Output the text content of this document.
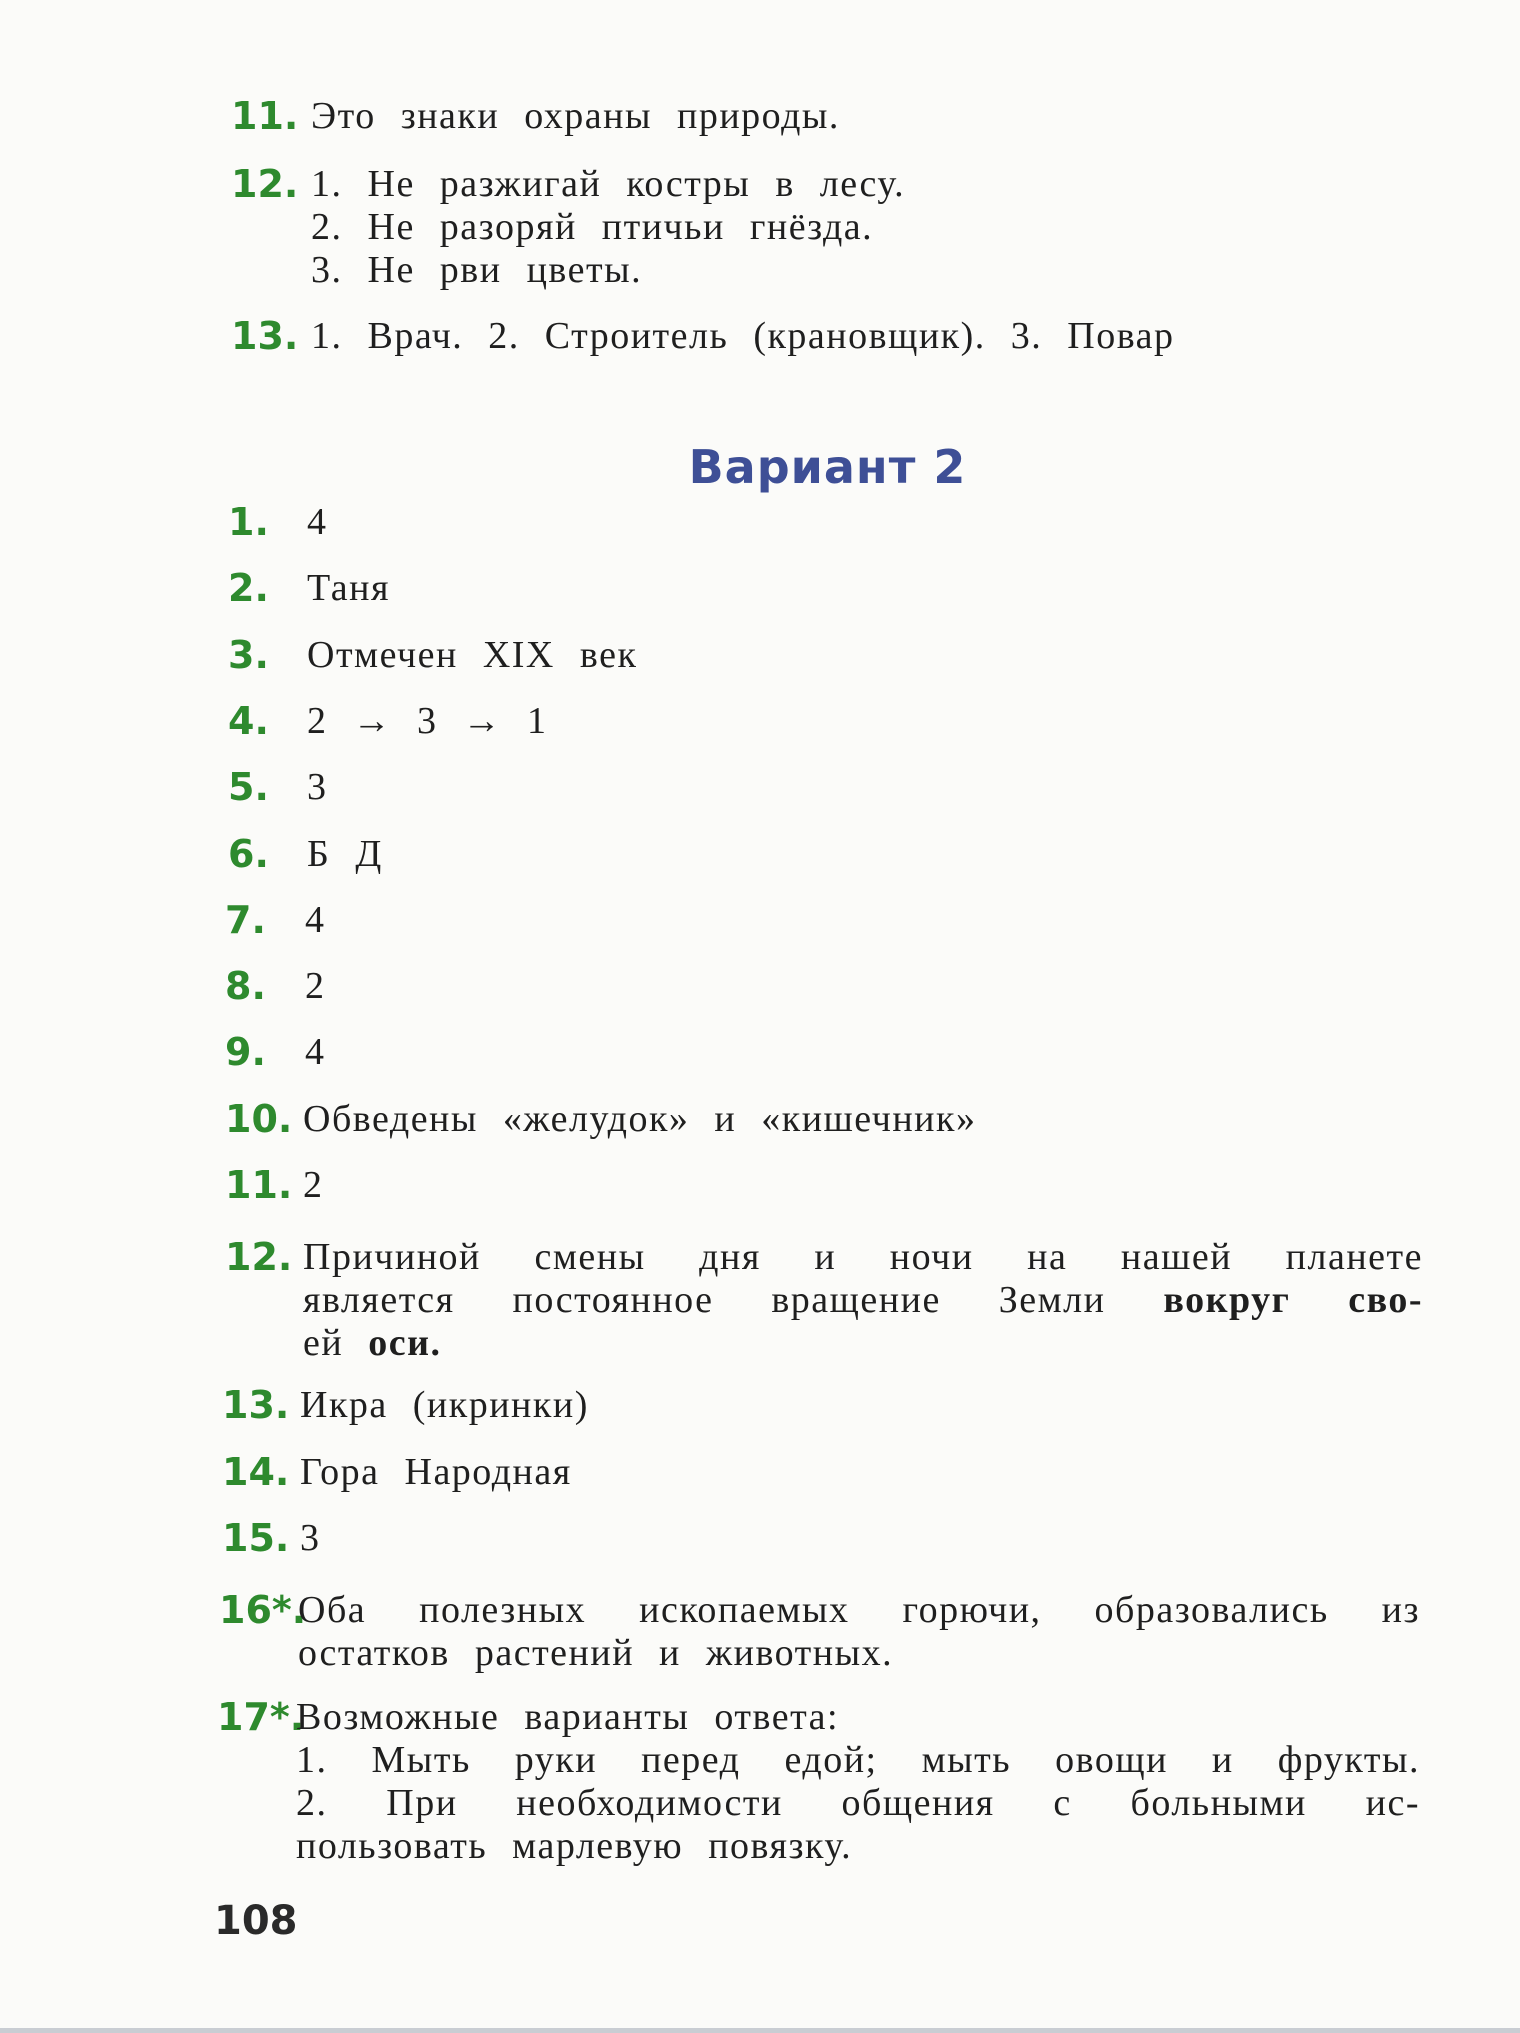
11. Это знаки охраны природы.
12. 1. Не разжигай костры в лесу.
2. Не разоряй птичьи гнёзда.
3. Не рви цветы.
13. 1. Врач. 2. Строитель (крановщик). 3. Повар
Вариант 2
1. 4
2. Таня
3. Отмечен XIX век
4. 2 → 3 → 1
5. 3
6. Б Д
7. 4
8. 2
9. 4
10. Обведены «желудок» и «кишечник»
11. 2
12. Причиной смены дня и ночи на нашей планете
является постоянное вращение Земли вокруг сво-
ей оси.
13. Икра (икринки)
14. Гора Народная
15. 3
16*.
Оба полезных ископаемых горючи, образовались из
остатков растений и животных.
17*.
Возможные варианты ответа:
1. Мыть руки перед едой; мыть овощи и фрукты.
2. При необходимости общения с больными ис-
пользовать марлевую повязку.
108
